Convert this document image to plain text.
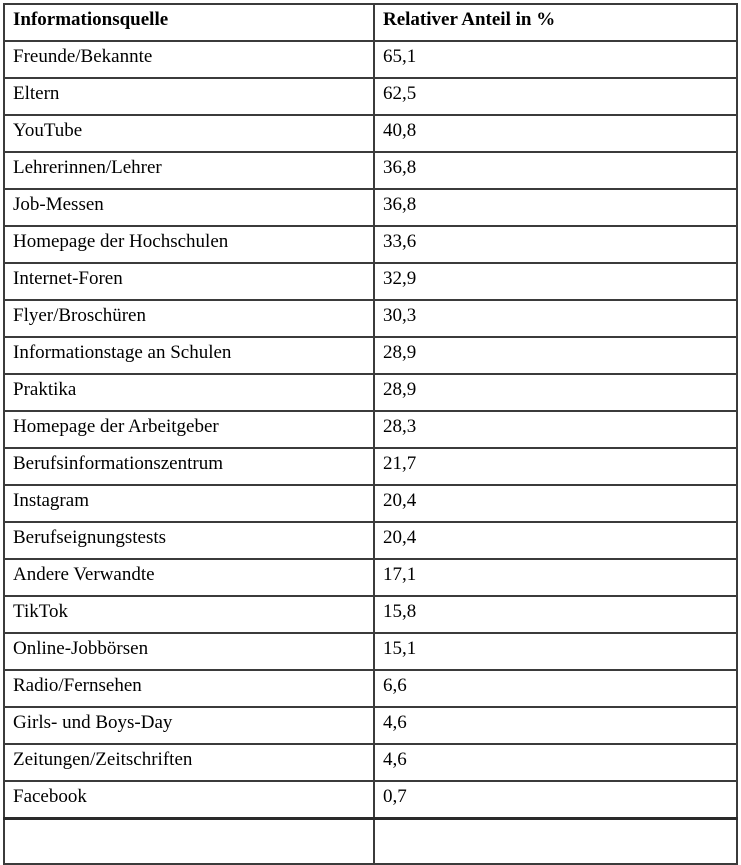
Informationsquelle	Relativer Anteil in %
Freunde/Bekannte	65,1
Eltern	62,5
YouTube	40,8
Lehrerinnen/Lehrer	36,8
Job-Messen	36,8
Homepage der Hochschulen	33,6
Internet-Foren	32,9
Flyer/Broschüren	30,3
Informationstage an Schulen	28,9
Praktika	28,9
Homepage der Arbeitgeber	28,3
Berufsinformationszentrum	21,7
Instagram	20,4
Berufseignungstests	20,4
Andere Verwandte	17,1
TikTok	15,8
Online-Jobbörsen	15,1
Radio/Fernsehen	6,6
Girls- und Boys-Day	4,6
Zeitungen/Zeitschriften	4,6
Facebook	0,7
